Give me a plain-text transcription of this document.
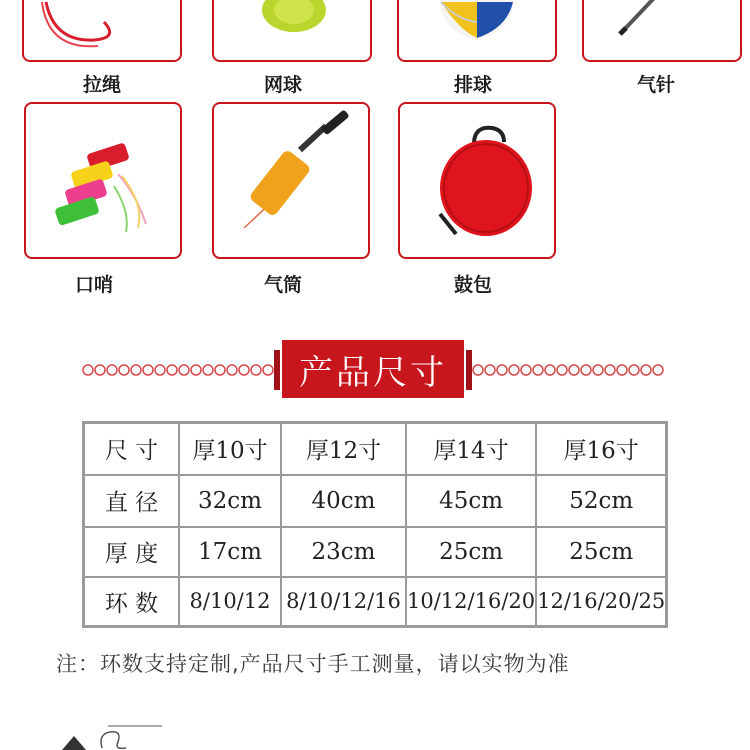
拉绳	网球	排球	气针
口哨	气筒	鼓包
产品尺寸
尺 寸	厚10寸	厚12寸	厚14寸	厚16寸
直 径	32cm	40cm	45cm	52cm
厚 度	17cm	23cm	25cm	25cm
环 数	8/10/12	8/10/12/16	10/12/16/20	12/16/20/25
注：环数支持定制,产品尺寸手工测量，请以实物为准
